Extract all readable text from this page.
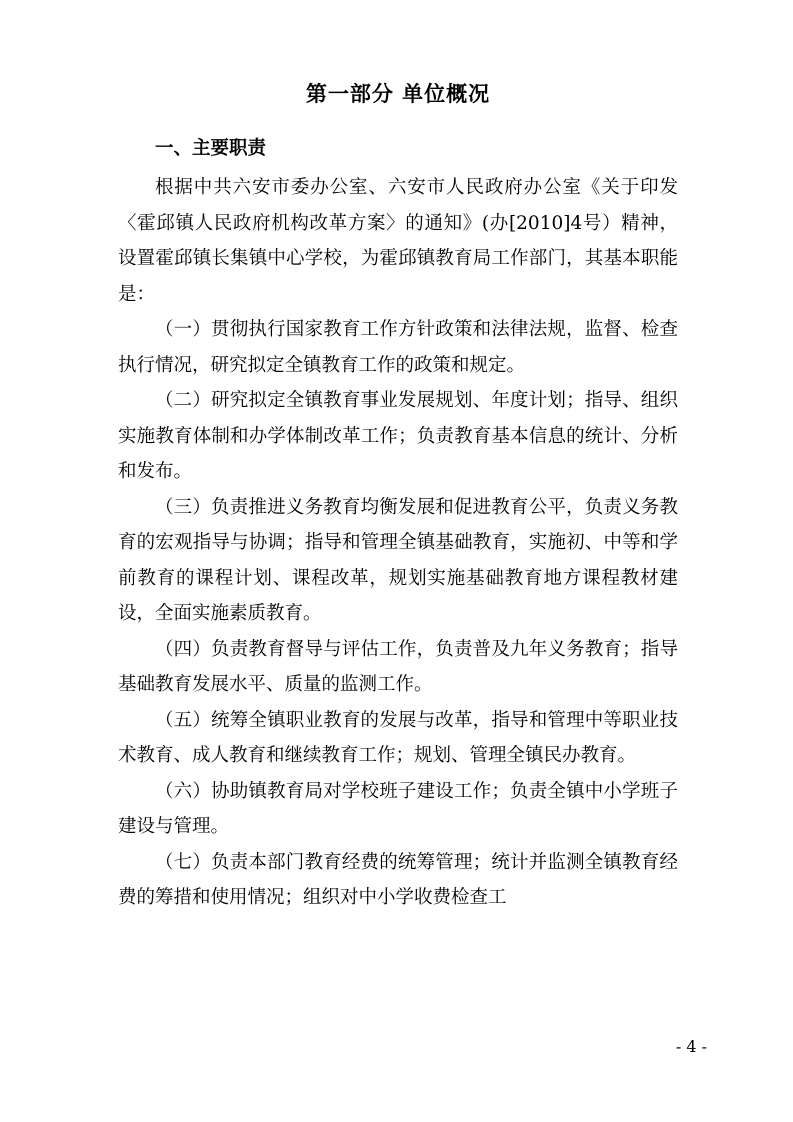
第一部分 单位概况
一、主要职责

根据中共六安市委办公室、六安市人民政府办公室《关于印发〈霍邱镇人民政府机构改革方案〉的通知》(办[2010]4号）精神，设置霍邱镇长集镇中心学校，为霍邱镇教育局工作部门，其基本职能是：

（一）贯彻执行国家教育工作方针政策和法律法规，监督、检查执行情况，研究拟定全镇教育工作的政策和规定。

（二）研究拟定全镇教育事业发展规划、年度计划；指导、组织实施教育体制和办学体制改革工作；负责教育基本信息的统计、分析和发布。

（三）负责推进义务教育均衡发展和促进教育公平，负责义务教育的宏观指导与协调；指导和管理全镇基础教育，实施初、中等和学前教育的课程计划、课程改革，规划实施基础教育地方课程教材建设，全面实施素质教育。

（四）负责教育督导与评估工作，负责普及九年义务教育；指导基础教育发展水平、质量的监测工作。

（五）统筹全镇职业教育的发展与改革，指导和管理中等职业技术教育、成人教育和继续教育工作；规划、管理全镇民办教育。

（六）协助镇教育局对学校班子建设工作；负责全镇中小学班子建设与管理。

（七）负责本部门教育经费的统筹管理；统计并监测全镇教育经费的筹措和使用情况；组织对中小学收费检查工

- 4 -
